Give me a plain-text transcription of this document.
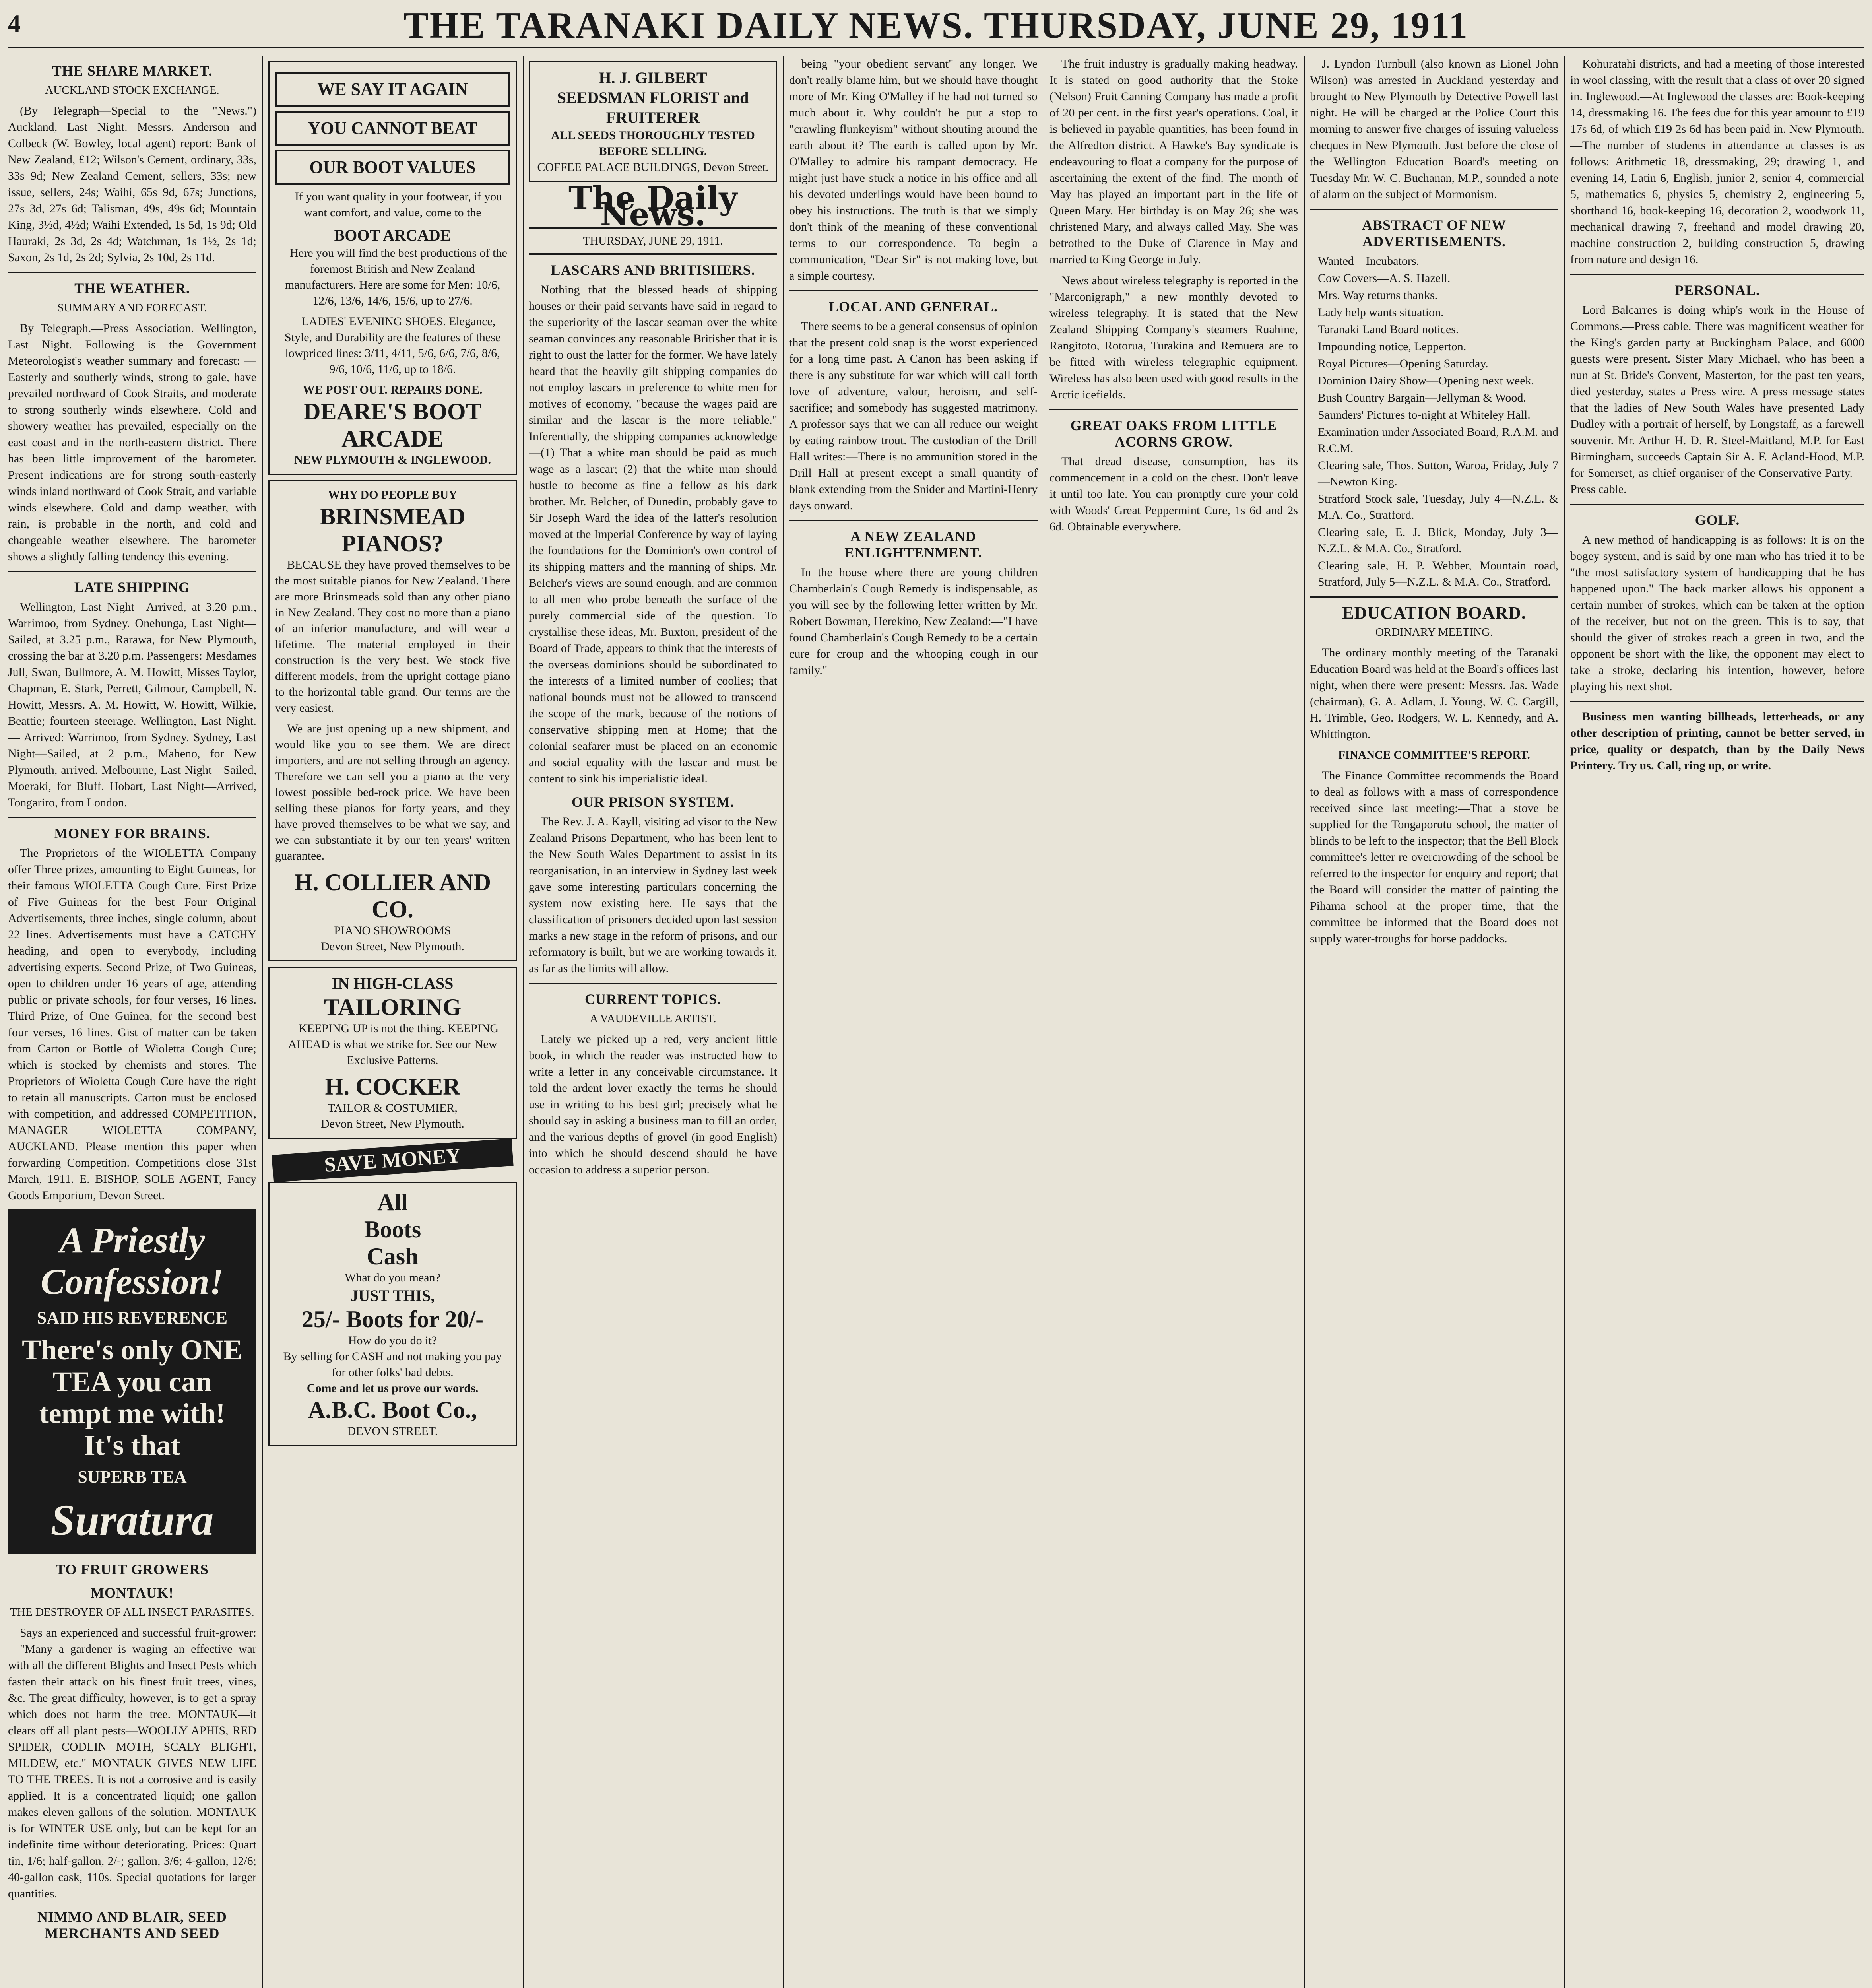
4	THE TARANAKI DAILY NEWS. THURSDAY, JUNE 29, 1911
THE SHARE MARKET.
AUCKLAND STOCK EXCHANGE.

(By Telegraph—Special to the "News.") Auckland, Last Night. Messrs. Anderson and Colbeck (W. Bowley, local agent) report: Bank of New Zealand, £12; Wilson's Cement, ordinary, 33s, 33s 9d; New Zealand Cement, sellers, 33s; new issue, sellers, 24s; Waihi, 65s 9d, 67s; Junctions, 27s 3d, 27s 6d; Talisman, 49s, 49s 6d; Mountain King, 3½d, 4½d; Waihi Extended, 1s 5d, 1s 9d; Old Hauraki, 2s 3d, 2s 4d; Watchman, 1s 1½, 2s 1d; Saxon, 2s 1d, 2s 2d; Sylvia, 2s 10d, 2s 11d.

THE WEATHER.
SUMMARY AND FORECAST.

By Telegraph.—Press Association. Wellington, Last Night. Following is the Government Meteorologist's weather summary and forecast: —Easterly and southerly winds, strong to gale, have prevailed northward of Cook Straits, and moderate to strong southerly winds elsewhere. Cold and showery weather has prevailed, especially on the east coast and in the north-eastern district. There has been little improvement of the barometer. Present indications are for strong south-easterly winds inland northward of Cook Strait, and variable winds elsewhere. Cold and damp weather, with rain, is probable in the north, and cold and changeable weather elsewhere. The barometer shows a slightly falling tendency this evening.

LATE SHIPPING

Wellington, Last Night—Arrived, at 3.20 p.m., Warrimoo, from Sydney. Onehunga, Last Night—Sailed, at 3.25 p.m., Rarawa, for New Plymouth, crossing the bar at 3.20 p.m. Passengers: Mesdames Jull, Swan, Bullmore, A. M. Howitt, Misses Taylor, Chapman, E. Stark, Perrett, Gilmour, Campbell, N. Howitt, Messrs. A. M. Howitt, W. Howitt, Wilkie, Beattie; fourteen steerage. Wellington, Last Night. — Arrived: Warrimoo, from Sydney. Sydney, Last Night—Sailed, at 2 p.m., Maheno, for New Plymouth, arrived. Melbourne, Last Night—Sailed, Moeraki, for Bluff. Hobart, Last Night—Arrived, Tongariro, from London.

MONEY FOR BRAINS.

The Proprietors of the WIOLETTA Company offer Three prizes, amounting to Eight Guineas, for their famous WIOLETTA Cough Cure. First Prize of Five Guineas for the best Four Original Advertisements, three inches, single column, about 22 lines. Advertisements must have a CATCHY heading, and open to everybody, including advertising experts. Second Prize, of Two Guineas, open to children under 16 years of age, attending public or private schools, for four verses, 16 lines. Third Prize, of One Guinea, for the second best four verses, 16 lines. Gist of matter can be taken from Carton or Bottle of Wioletta Cough Cure; which is stocked by chemists and stores. The Proprietors of Wioletta Cough Cure have the right to retain all manuscripts. Carton must be enclosed with competition, and addressed COMPETITION, MANAGER WIOLETTA COMPANY, AUCKLAND. Please mention this paper when forwarding Competition. Competitions close 31st March, 1911. E. BISHOP, SOLE AGENT, Fancy Goods Emporium, Devon Street.

A Priestly
Confession!
SAID HIS REVERENCE
There's only ONE TEA you can tempt me with! It's that
SUPERB TEA
Suratura
TO FRUIT GROWERS
MONTAUK!
THE DESTROYER OF ALL INSECT PARASITES.

Says an experienced and successful fruit-grower:—"Many a gardener is waging an effective war with all the different Blights and Insect Pests which fasten their attack on his finest fruit trees, vines, &c. The great difficulty, however, is to get a spray which does not harm the tree. MONTAUK—it clears off all plant pests—WOOLLY APHIS, RED SPIDER, CODLIN MOTH, SCALY BLIGHT, MILDEW, etc." MONTAUK GIVES NEW LIFE TO THE TREES. It is not a corrosive and is easily applied. It is a concentrated liquid; one gallon makes eleven gallons of the solution. MONTAUK is for WINTER USE only, but can be kept for an indefinite time without deteriorating. Prices: Quart tin, 1/6; half-gallon, 2/-; gallon, 3/6; 4-gallon, 12/6; 40-gallon cask, 110s. Special quotations for larger quantities.

NIMMO AND BLAIR, SEED MERCHANTS AND SEED
WE SAY IT AGAIN
YOU CANNOT BEAT
OUR BOOT VALUES

If you want quality in your footwear, if you want comfort, and value, come to the

BOOT ARCADE

Here you will find the best productions of the foremost British and New Zealand manufacturers. Here are some for Men: 10/6, 12/6, 13/6, 14/6, 15/6, up to 27/6.

LADIES' EVENING SHOES. Elegance, Style, and Durability are the features of these lowpriced lines: 3/11, 4/11, 5/6, 6/6, 7/6, 8/6, 9/6, 10/6, 11/6, up to 18/6.

WE POST OUT. REPAIRS DONE.
DEARE'S BOOT ARCADE
NEW PLYMOUTH & INGLEWOOD.
WHY DO PEOPLE BUY
BRINSMEAD PIANOS?

BECAUSE they have proved themselves to be the most suitable pianos for New Zealand. There are more Brinsmeads sold than any other piano in New Zealand. They cost no more than a piano of an inferior manufacture, and will wear a lifetime. The material employed in their construction is the very best. We stock five different models, from the upright cottage piano to the horizontal table grand. Our terms are the very easiest.

We are just opening up a new shipment, and would like you to see them. We are direct importers, and are not selling through an agency. Therefore we can sell you a piano at the very lowest possible bed-rock price. We have been selling these pianos for forty years, and they have proved themselves to be what we say, and we can substantiate it by our ten years' written guarantee.

H. COLLIER AND CO.
PIANO SHOWROOMS
Devon Street, New Plymouth.
IN HIGH-CLASS
TAILORING

KEEPING UP is not the thing. KEEPING AHEAD is what we strike for. See our New Exclusive Patterns.

H. COCKER
TAILOR & COSTUMIER,
Devon Street, New Plymouth.
SAVE MONEY
All
Boots
Cash
What do you mean?
JUST THIS,
25/- Boots for 20/-
How do you do it?
By selling for CASH and not making you pay for other folks' bad debts.
Come and let us prove our words.
A.B.C. Boot Co.,
DEVON STREET.
H. J. GILBERT
SEEDSMAN FLORIST and FRUITERER
ALL SEEDS THOROUGHLY TESTED BEFORE SELLING.
COFFEE PALACE BUILDINGS, Devon Street.
The Daily News.
THURSDAY, JUNE 29, 1911.
LASCARS AND BRITISHERS.

Nothing that the blessed heads of shipping houses or their paid servants have said in regard to the superiority of the lascar seaman over the white seaman convinces any reasonable Britisher that it is right to oust the latter for the former. We have lately heard that the heavily gilt shipping companies do not employ lascars in preference to white men for motives of economy, "because the wages paid are similar and the lascar is the more reliable." Inferentially, the shipping companies acknowledge—(1) That a white man should be paid as much wage as a lascar; (2) that the white man should hustle to become as fine a fellow as his dark brother. Mr. Belcher, of Dunedin, probably gave to Sir Joseph Ward the idea of the latter's resolution moved at the Imperial Conference by way of laying the foundations for the Dominion's own control of its shipping matters and the manning of ships. Mr. Belcher's views are sound enough, and are common to all men who probe beneath the surface of the purely commercial side of the question. To crystallise these ideas, Mr. Buxton, president of the Board of Trade, appears to think that the interests of the overseas dominions should be subordinated to the interests of a limited number of coolies; that national bounds must not be allowed to transcend the scope of the mark, because of the notions of conservative shipping men at Home; that the colonial seafarer must be placed on an economic and social equality with the lascar and must be content to sink his imperialistic ideal.

OUR PRISON SYSTEM.

The Rev. J. A. Kayll, visiting ad visor to the New Zealand Prisons Department, who has been lent to the New South Wales Department to assist in its reorganisation, in an interview in Sydney last week gave some interesting particulars concerning the system now existing here. He says that the classification of prisoners decided upon last session marks a new stage in the reform of prisons, and our reformatory is built, but we are working towards it, as far as the limits will allow.

CURRENT TOPICS.
A VAUDEVILLE ARTIST.

Lately we picked up a red, very ancient little book, in which the reader was instructed how to write a letter in any conceivable circumstance. It told the ardent lover exactly the terms he should use in writing to his best girl; precisely what he should say in asking a business man to fill an order, and the various depths of grovel (in good English) into which he should descend should he have occasion to address a superior person.

being "your obedient servant" any longer. We don't really blame him, but we should have thought more of Mr. King O'Malley if he had not turned so much about it. Why couldn't he put a stop to "crawling flunkeyism" without shouting around the earth about it? The earth is called upon by Mr. O'Malley to admire his rampant democracy. He might just have stuck a notice in his office and all his devoted underlings would have been bound to obey his instructions. The truth is that we simply don't think of the meaning of these conventional terms to our correspondence. To begin a communication, "Dear Sir" is not making love, but a simple courtesy.

LOCAL AND GENERAL.

There seems to be a general consensus of opinion that the present cold snap is the worst experienced for a long time past. A Canon has been asking if there is any substitute for war which will call forth love of adventure, valour, heroism, and self-sacrifice; and somebody has suggested matrimony. A professor says that we can all reduce our weight by eating rainbow trout. The custodian of the Drill Hall writes:—There is no ammunition stored in the Drill Hall at present except a small quantity of blank extending from the Snider and Martini-Henry days onward.

A NEW ZEALAND ENLIGHTENMENT.

In the house where there are young children Chamberlain's Cough Remedy is indispensable, as you will see by the following letter written by Mr. Robert Bowman, Herekino, New Zealand:—"I have found Chamberlain's Cough Remedy to be a certain cure for croup and the whooping cough in our family."

The fruit industry is gradually making headway. It is stated on good authority that the Stoke (Nelson) Fruit Canning Company has made a profit of 20 per cent. in the first year's operations. Coal, it is believed in payable quantities, has been found in the Alfredton district. A Hawke's Bay syndicate is endeavouring to float a company for the purpose of ascertaining the extent of the find. The month of May has played an important part in the life of Queen Mary. Her birthday is on May 26; she was christened Mary, and always called May. She was betrothed to the Duke of Clarence in May and married to King George in July.

News about wireless telegraphy is reported in the "Marconigraph," a new monthly devoted to wireless telegraphy. It is stated that the New Zealand Shipping Company's steamers Ruahine, Rangitoto, Rotorua, Turakina and Remuera are to be fitted with wireless telegraphic equipment. Wireless has also been used with good results in the Arctic icefields.

GREAT OAKS FROM LITTLE ACORNS GROW.

That dread disease, consumption, has its commencement in a cold on the chest. Don't leave it until too late. You can promptly cure your cold with Woods' Great Peppermint Cure, 1s 6d and 2s 6d. Obtainable everywhere.

J. Lyndon Turnbull (also known as Lionel John Wilson) was arrested in Auckland yesterday and brought to New Plymouth by Detective Powell last night. He will be charged at the Police Court this morning to answer five charges of issuing valueless cheques in New Plymouth. Just before the close of the Wellington Education Board's meeting on Tuesday Mr. W. C. Buchanan, M.P., sounded a note of alarm on the subject of Mormonism.

ABSTRACT OF NEW ADVERTISEMENTS.
Wanted—Incubators.
Cow Covers—A. S. Hazell.
Mrs. Way returns thanks.
Lady help wants situation.
Taranaki Land Board notices.
Impounding notice, Lepperton.
Royal Pictures—Opening Saturday.
Dominion Dairy Show—Opening next week.
Bush Country Bargain—Jellyman & Wood.
Saunders' Pictures to-night at Whiteley Hall.
Examination under Associated Board, R.A.M. and R.C.M.
Clearing sale, Thos. Sutton, Waroa, Friday, July 7—Newton King.
Stratford Stock sale, Tuesday, July 4—N.Z.L. & M.A. Co., Stratford.
Clearing sale, E. J. Blick, Monday, July 3—N.Z.L. & M.A. Co., Stratford.
Clearing sale, H. P. Webber, Mountain road, Stratford, July 5—N.Z.L. & M.A. Co., Stratford.
EDUCATION BOARD.
ORDINARY MEETING.

The ordinary monthly meeting of the Taranaki Education Board was held at the Board's offices last night, when there were present: Messrs. Jas. Wade (chairman), G. A. Adlam, J. Young, W. C. Cargill, H. Trimble, Geo. Rodgers, W. L. Kennedy, and A. Whittington.

FINANCE COMMITTEE'S REPORT.

The Finance Committee recommends the Board to deal as follows with a mass of correspondence received since last meeting:—That a stove be supplied for the Tongaporutu school, the matter of blinds to be left to the inspector; that the Bell Block committee's letter re overcrowding of the school be referred to the inspector for enquiry and report; that the Board will consider the matter of painting the Pihama school at the proper time, that the committee be informed that the Board does not supply water-troughs for horse paddocks.

Kohuratahi districts, and had a meeting of those interested in wool classing, with the result that a class of over 20 signed in. Inglewood.—At Inglewood the classes are: Book-keeping 14, dressmaking 16. The fees due for this year amount to £19 17s 6d, of which £19 2s 6d has been paid in. New Plymouth.—The number of students in attendance at classes is as follows: Arithmetic 18, dressmaking, 29; drawing 1, and evening 14, Latin 6, English, junior 2, senior 4, commercial 5, mathematics 6, physics 5, chemistry 2, engineering 5, shorthand 16, book-keeping 16, decoration 2, woodwork 11, mechanical drawing 7, freehand and model drawing 20, machine construction 2, building construction 5, drawing from nature and design 16.

PERSONAL.

Lord Balcarres is doing whip's work in the House of Commons.—Press cable. There was magnificent weather for the King's garden party at Buckingham Palace, and 6000 guests were present. Sister Mary Michael, who has been a nun at St. Bride's Convent, Masterton, for the past ten years, died yesterday, states a Press wire. A press message states that the ladies of New South Wales have presented Lady Dudley with a portrait of herself, by Longstaff, as a farewell souvenir. Mr. Arthur H. D. R. Steel-Maitland, M.P. for East Birmingham, succeeds Captain Sir A. F. Acland-Hood, M.P. for Somerset, as chief organiser of the Conservative Party.—Press cable.

GOLF.

A new method of handicapping is as follows: It is on the bogey system, and is said by one man who has tried it to be "the most satisfactory system of handicapping that he has happened upon." The back marker allows his opponent a certain number of strokes, which can be taken at the option of the receiver, but not on the green. This is to say, that should the giver of strokes reach a green in two, and the opponent be short with the like, the opponent may elect to take a stroke, declaring his intention, however, before playing his next shot.

Business men wanting billheads, letterheads, or any other description of printing, cannot be better served, in price, quality or despatch, than by the Daily News Printery. Try us. Call, ring up, or write.
